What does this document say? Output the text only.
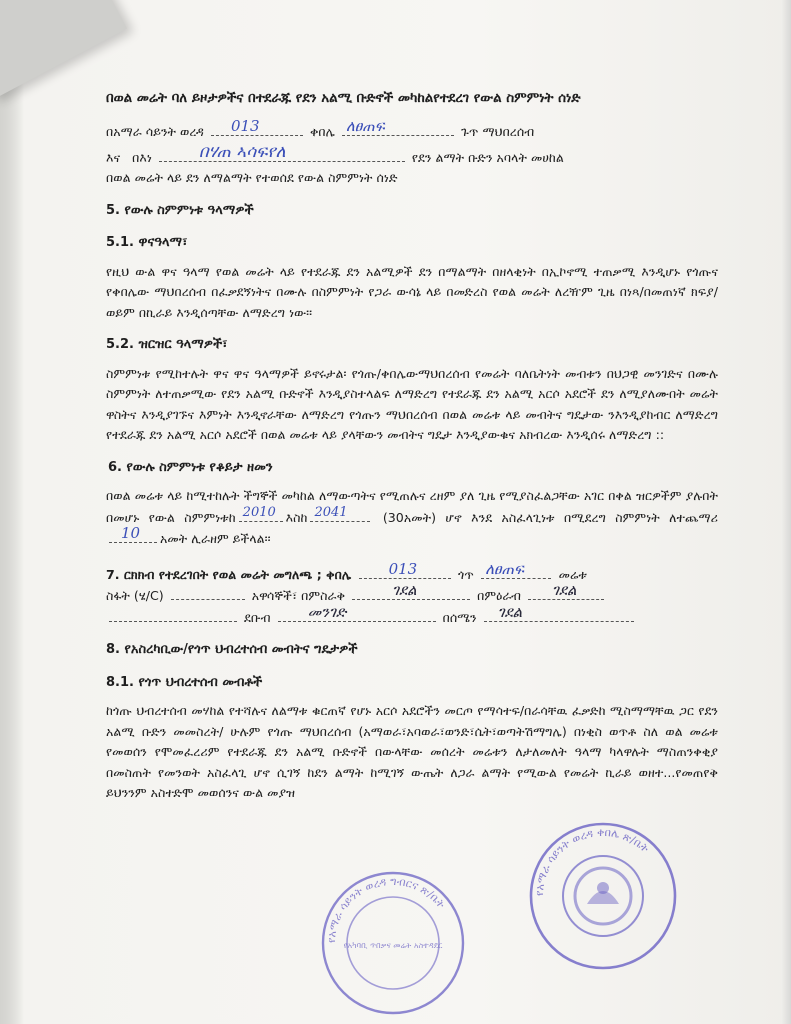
በወል መሬት ባለ ይዞታዎችና በተደራጁ የደን አልሚ ቡድኖች መካከልየተደረገ የውል ስምምነት ሰነድ
በአማራ ሳይንት ወረዳ 013	ቀበሌ ለፀጠፍ	ጉጥ ማህበረሰብ
እና በእነ	በሃጠ ኣሳፍየለ	የደን ልማት ቡድን አባላት መሀከል
በወል መሬት ላይ ደን ለማልማት የተወሰደ የውል ስምምነት ሰነድ
5. የውሉ ስምምነቱ ዓላማዎች
5.1. ዋናዓላማ፣
የዚህ ውል ዋና ዓላማ የወል መሬት ላይ የተደራጁ ደን አልሚዎች ደን በማልማት በዘላቂነት በኢኮኖሚ ተጠቃሚ እንዲሆኑ የጎጡና የቀበሌው ማህበረሰብ በፈቃደኝነትና በሙሉ በስምምነት የጋራ ውሳኔ ላይ በመድረስ የወል መሬት ለረዥም ጊዜ በነጻ/በመጠነኛ ክፍያ/ ወይም በኪራይ እንዲሰጣቸው ለማድረግ ነው፡፡
5.2. ዝርዝር ዓላማዎች፣
ስምምነቱ የሚከተሉት ዋና ዋና ዓላማዎች ይኖሩታል፡ የጎጡ/ቀበሌውማህበረሰብ የመሬት ባለቤትነት መብቱን በህጋዊ መንገድና በሙሉ ስምምነት ለተጠቃሚው የደን አልሚ ቡድኖች እንዲያስተላልፍ ለማድረግ የተደራጁ ደን አልሚ አርሶ አደሮች ደን ለሚያለሙበት መሬት ዋስትና እንዲያገኙና እምነት እንዲኖራቸው ለማድረግ የጎጡን ማህበረሰብ በወል መሬቱ ላይ መብትና ግዴታው ንእንዲያከብር ለማድረግ የተደራጁ ደን አልሚ አርሶ አደሮች በወል መሬቱ ላይ ያላቸውን መብትና ግዴታ እንዲያውቁና አክብረው እንዲሰሩ ለማድረግ ::
6. የውሉ ስምምነቱ የቆይታ ዘመን
በወል መሬቱ ላይ ከሚተከሉት ችግኞች መካከል ለማውጣትና የሚጠሉና ረዘም ያለ ጊዜ የሚያስፈልጋቸው አገር በቀል ዝርዎችም ያሉበት በመሆኑ የውል ስምምነቱከ 2010 እስከ 2041	(30አመት) ሆኖ እንደ አስፈላጊነቱ በሚደረግ ስምምነት ለተጨማሪ
10 አመት ሊራዘም ይችላል፡፡
7. ርክክብ የተደረገበት የወል መሬት መግለጫ ; ቀበሌ 013	ጎጥ ለፀጠፍ	መሬቱ
ስፋት (ሄ/C)	አዋሳኞች፣ በምስራቅ	ገደል	በምዕራብ ገደል
ደቡብ መንገድ	በሰሜን ገደል
8. የአስረካቢው/የጎጥ ህብረተሰብ መብትና ግዴታዎች
8.1. የጎጥ ህብረተሰብ መብቶች
ከጎጡ ህብረተሰብ መሃከል የተሻሉና ለልማቱ ቁርጠኛ የሆኑ አርሶ አደሮችን መርጦ የማሳተፍ/በራሳቸዉ ፈቃድከ ሚስማማቸዉ ጋር የደን አልሚ ቡድን መመስረት/ ሁሉም የጎጡ ማህበረሰብ (አማወራ፣አባወራ፣ወንድ፣ሴት፣ወጣትሽማግሌ) በነቂስ ወጥቶ ስለ ወል መሬቱ የመወሰን የሞመፈረሪም የተደራጁ ደን አልሚ ቡድኖች በውላቸው መሰረት መሬቱን ለታለመለት ዓላማ ካላዋሉት ማስጠንቀቂያ በመስጠት የመንወት አስፈላጊ ሆኖ ሲገኝ ከደን ልማት ከሚገኝ ውጤት ለጋራ ልማት የሚውል የመሬት ኪራይ ወዘተ...የመጠየቅ ይህንንም አስተድሞ መወሰንና ውል መያዝ
የአማራ ሳይንት ወረዳ ግብርና ጽ/ቤት
የአካባቢ ጥበቃና መሬት አስተዳደር
የአማራ ሳይንት ወረዳ ቀበሌ ጽ/ቤት
